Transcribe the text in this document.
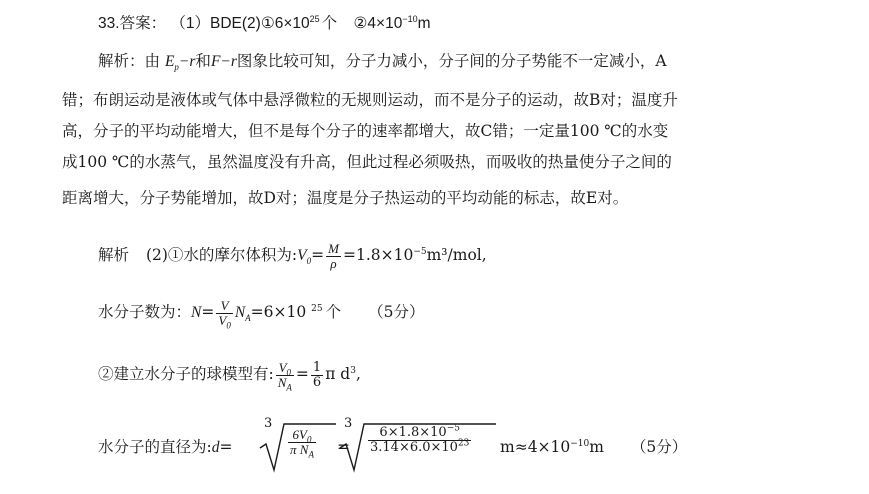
33.答案： $(1)BDE(2)①6\times 10^{25}$ 个 $②4\times 10^{-10}m$
解析：由 $E_p-r$和F−r图象比较可知，分子力减小，分子间的分子势能不一定减小，A
错；布朗运动是液体或气体中悬浮微粒的无规则运动，而不是分子的运动，故B对；温度升
高，分子的平均动能增大，但不是每个分子的速率都增大，故C错；一定量100 ℃的水变
成100 ℃的水蒸气，虽然温度没有升高，但此过程必须吸热，而吸收的热量使分子之间的
距离增大，分子势能增加，故D对；温度是分子热运动的平均动能的标志，故E对。
解析 (2)①水的摩尔体积为$:V_0= \frac{M}{\rho} =1.8\times 10^{-5}m^3/mol$,
水分子数为：$N= \frac{V}{V_0} N_A=6\times 10$ $^{25}$ 个 （5分）
②建立水分子的球模型有: $\frac{V_0}{N_A} = \frac{1}{6}$ π $d^3$,
水分子的直径为:d=
3
$\frac{6V_0}{\pi N_A}$ =
3
$\frac{6\times 1.8\times 10^{-5}}{3.14\times 6.0\times 10^{23}} m\approx 4\times 10^{-10}m$ （5分）
